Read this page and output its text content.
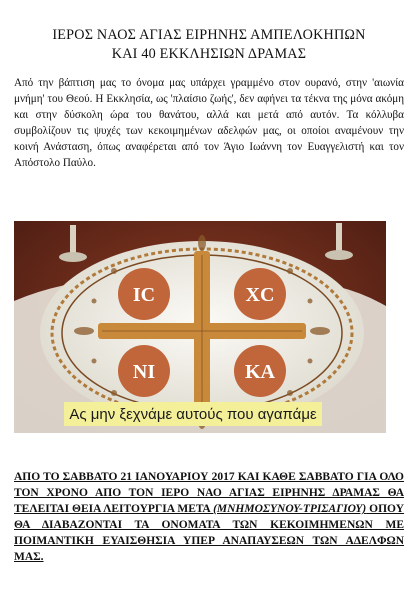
ΙΕΡΟΣ ΝΑΟΣ ΑΓΙΑΣ ΕΙΡΗΝΗΣ ΑΜΠΕΛΟΚΗΠΩΝ
ΚΑΙ 40 ΕΚΚΛΗΣΙΩΝ ΔΡΑΜΑΣ
Από την βάπτιση μας το όνομα μας υπάρχει γραμμένο στον ουρανό, στην 'αιωνία μνήμη' του Θεού. Η Εκκλησία, ως 'πλαίσιο ζωής', δεν αφήνει τα τέκνα της μόνα ακόμη και στην δύσκολη ώρα του θανάτου, αλλά και μετά από αυτόν. Τα κόλλυβα συμβολίζουν τις ψυχές των κεκοιμημένων αδελφών μας, οι οποίοι αναμένουν την κοινή Ανάσταση, όπως αναφέρεται από τον Άγιο Ιωάννη τον Ευαγγελιστή και τον Απόστολο Παύλο.
IC	XC
NI	KA
Ας μην ξεχνάμε αυτούς που αγαπάμε
ΑΠΟ ΤΟ ΣΑΒΒΑΤΟ 21 ΙΑΝΟΥΑΡΙΟΥ 2017 ΚΑΙ ΚΑΘΕ ΣΑΒΒΑΤΟ ΓΙΑ ΟΛΟ ΤΟΝ ΧΡΟΝΟ ΑΠΟ ΤΟΝ ΙΕΡΟ ΝΑΟ ΑΓΙΑΣ ΕΙΡΗΝΗΣ ΔΡΑΜΑΣ ΘΑ ΤΕΛΕΙΤΑΙ ΘΕΙΑ ΛΕΙΤΟΥΡΓΙΑ ΜΕΤΑ (ΜΝΗΜΟΣΥΝΟΥ-ΤΡΙΣΑΓΙΟΥ) ΟΠΟΥ ΘΑ ΔΙΑΒΑΖΟΝΤΑΙ ΤΑ ΟΝΟΜΑΤΑ ΤΩΝ ΚΕΚΟΙΜΗΜΕΝΩΝ ΜΕ ΠΟΙΜΑΝΤΙΚΗ ΕΥΑΙΣΘΗΣΙΑ ΥΠΕΡ ΑΝΑΠΑΥΣΕΩΝ ΤΩΝ ΑΔΕΛΦΩΝ ΜΑΣ.
